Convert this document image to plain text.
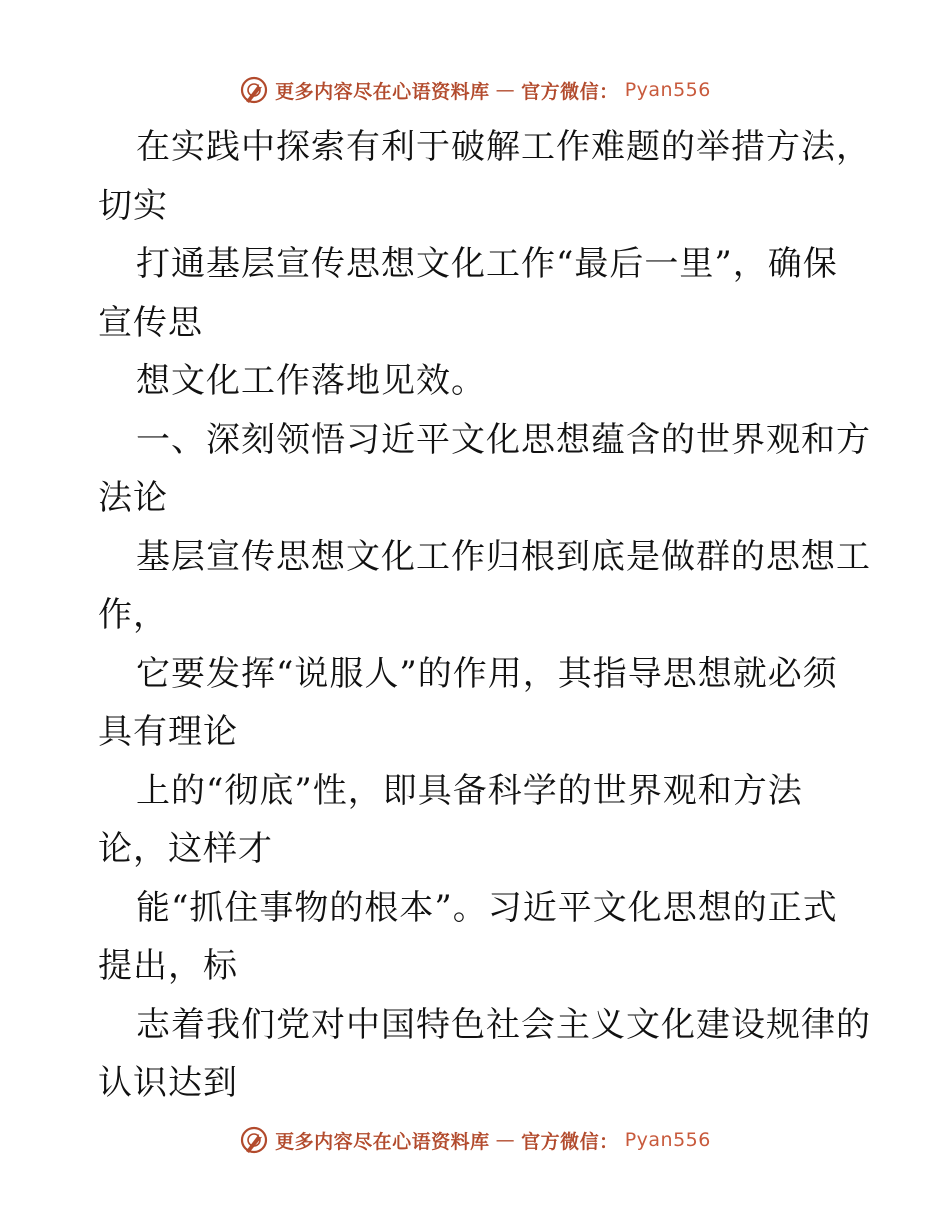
更多内容尽在心语资料库 — 官方微信： Pyan556
在实践中探索有利于破解工作难题的举措方法，
切实
打通基层宣传思想文化工作“最后一里”，确保
宣传思
想文化工作落地见效。
一、深刻领悟习近平文化思想蕴含的世界观和方
法论
基层宣传思想文化工作归根到底是做群的思想工
作，
它要发挥“说服人”的作用，其指导思想就必须
具有理论
上的“彻底”性，即具备科学的世界观和方法
论，这样才
能“抓住事物的根本”。习近平文化思想的正式
提出，标
志着我们党对中国特色社会主义文化建设规律的
认识达到
更多内容尽在心语资料库 — 官方微信： Pyan556
